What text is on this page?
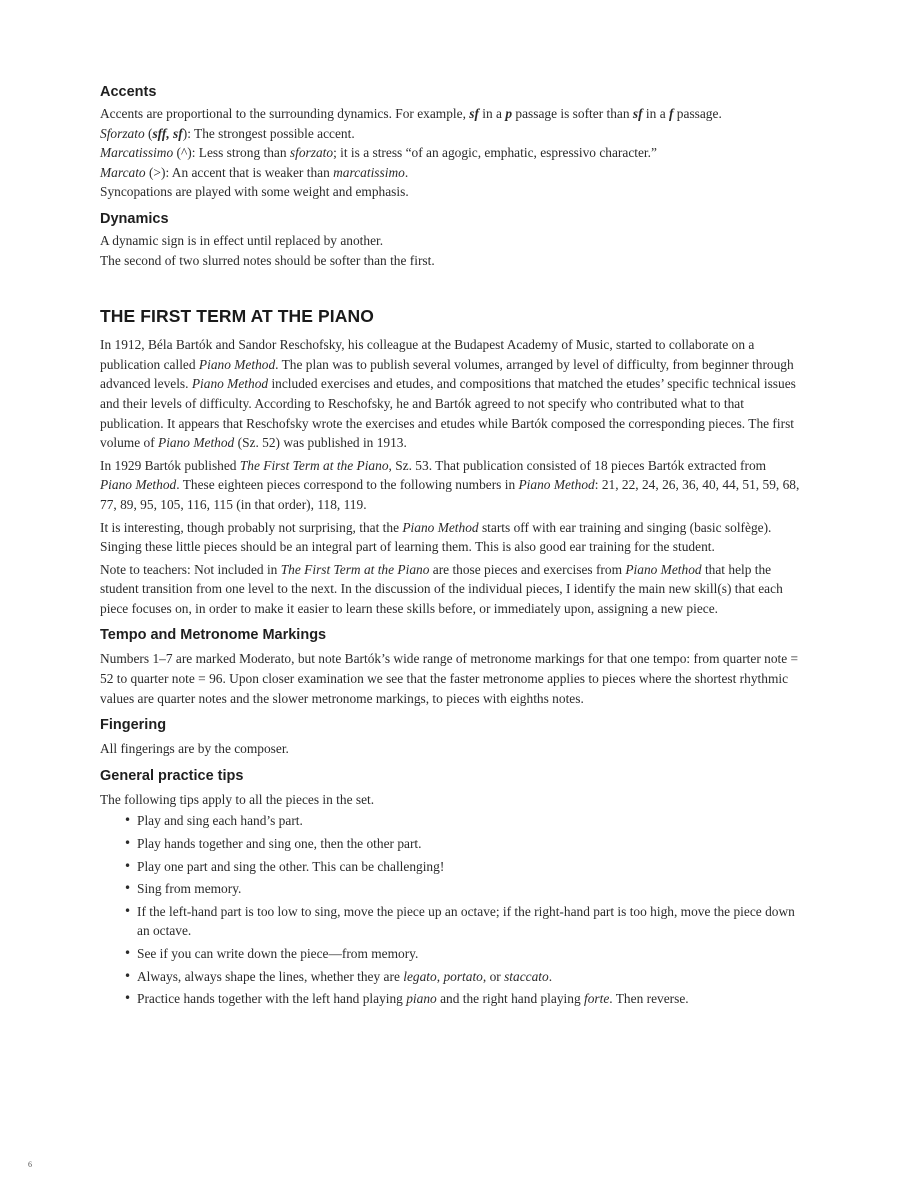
Accents

Accents are proportional to the surrounding dynamics. For example, sf in a p passage is softer than sf in a f passage.

Sforzato (sff, sf): The strongest possible accent.

Marcatissimo (^): Less strong than sforzato; it is a stress “of an agogic, emphatic, espressivo character.”

Marcato (>): An accent that is weaker than marcatissimo.

Syncopations are played with some weight and emphasis.

Dynamics

A dynamic sign is in effect until replaced by another.

The second of two slurred notes should be softer than the first.

THE FIRST TERM AT THE PIANO

In 1912, Béla Bartók and Sandor Reschofsky, his colleague at the Budapest Academy of Music, started to collaborate on a publication called Piano Method. The plan was to publish several volumes, arranged by level of difficulty, from beginner through advanced levels. Piano Method included exercises and etudes, and compositions that matched the etudes’ specific technical issues and their levels of difficulty. According to Reschofsky, he and Bartók agreed to not specify who contributed what to that publication. It appears that Reschofsky wrote the exercises and etudes while Bartók composed the corresponding pieces. The first volume of Piano Method (Sz. 52) was published in 1913.

In 1929 Bartók published The First Term at the Piano, Sz. 53. That publication consisted of 18 pieces Bartók extracted from Piano Method. These eighteen pieces correspond to the following numbers in Piano Method: 21, 22, 24, 26, 36, 40, 44, 51, 59, 68, 77, 89, 95, 105, 116, 115 (in that order), 118, 119.

It is interesting, though probably not surprising, that the Piano Method starts off with ear training and singing (basic solfège). Singing these little pieces should be an integral part of learning them. This is also good ear training for the student.

Note to teachers: Not included in The First Term at the Piano are those pieces and exercises from Piano Method that help the student transition from one level to the next. In the discussion of the individual pieces, I identify the main new skill(s) that each piece focuses on, in order to make it easier to learn these skills before, or immediately upon, assigning a new piece.

Tempo and Metronome Markings

Numbers 1–7 are marked Moderato, but note Bartók’s wide range of metronome markings for that one tempo: from quarter note = 52 to quarter note = 96. Upon closer examination we see that the faster metronome applies to pieces where the shortest rhythmic values are quarter notes and the slower metronome markings, to pieces with eighths notes.

Fingering

All fingerings are by the composer.

General practice tips

The following tips apply to all the pieces in the set.

• Play and sing each hand’s part.
• Play hands together and sing one, then the other part.
• Play one part and sing the other. This can be challenging!
• Sing from memory.
• If the left-hand part is too low to sing, move the piece up an octave; if the right-hand part is too high, move the piece down an octave.
• See if you can write down the piece—from memory.
• Always, always shape the lines, whether they are legato, portato, or staccato.
• Practice hands together with the left hand playing piano and the right hand playing forte. Then reverse.
6
